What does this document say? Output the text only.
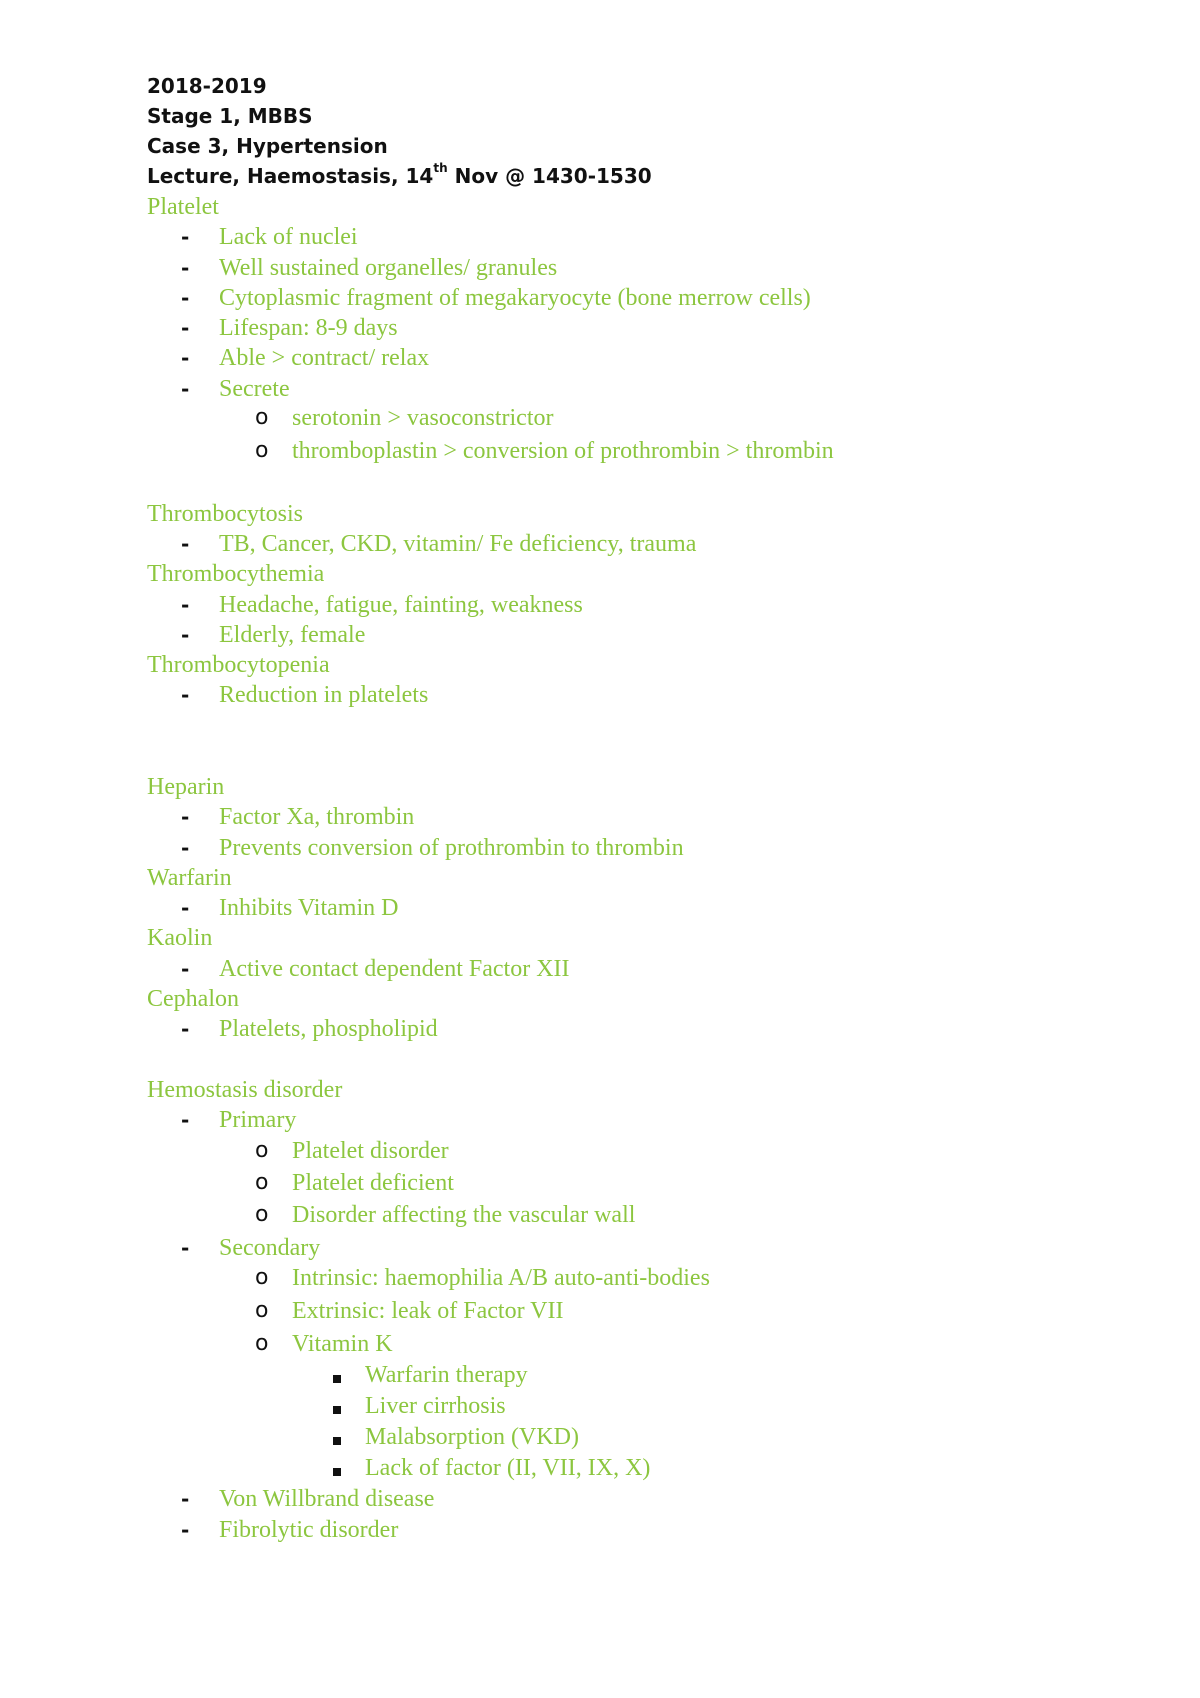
2018-2019
Stage 1, MBBS
Case 3, Hypertension
Lecture, Haemostasis, 14th Nov @ 1430-1530
Platelet
- Lack of nuclei
- Well sustained organelles/ granules
- Cytoplasmic fragment of megakaryocyte (bone merrow cells)
- Lifespan: 8-9 days
- Able > contract/ relax
- Secrete
o serotonin > vasoconstrictor
o thromboplastin > conversion of prothrombin > thrombin
Thrombocytosis
- TB, Cancer, CKD, vitamin/ Fe deficiency, trauma
Thrombocythemia
- Headache, fatigue, fainting, weakness
- Elderly, female
Thrombocytopenia
- Reduction in platelets
Heparin
- Factor Xa, thrombin
- Prevents conversion of prothrombin to thrombin
Warfarin
- Inhibits Vitamin D
Kaolin
- Active contact dependent Factor XII
Cephalon
- Platelets, phospholipid
Hemostasis disorder
- Primary
o Platelet disorder
o Platelet deficient
o Disorder affecting the vascular wall
- Secondary
o Intrinsic: haemophilia A/B auto-anti-bodies
o Extrinsic: leak of Factor VII
o Vitamin K
Warfarin therapy
Liver cirrhosis
Malabsorption (VKD)
Lack of factor (II, VII, IX, X)
- Von Willbrand disease
- Fibrolytic disorder
